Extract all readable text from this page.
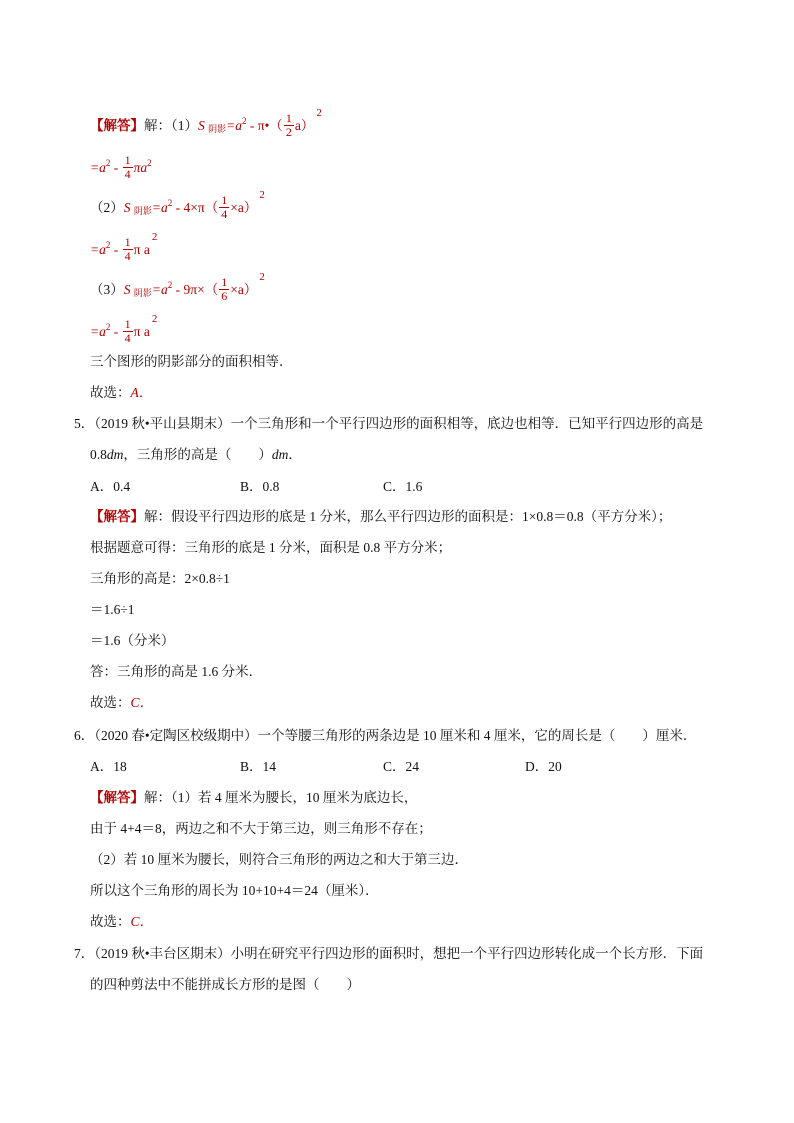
【解答】解：（1）S $_{阴影}=a^2$ - π•（ $\frac{1}{2} a)^2$
$=a^2 - \frac{1}{4} \pi a^2$
（2）S $_{阴影}=a^2 - 4\times\pi( \frac{1}{4} \times a)^2$
$=a^2 - \frac{1}{4}$ π $a^2$
（3）S $_{阴影}=a^2 - 9\pi\times( \frac{1}{6} \times a)^2$
$=a^2 - \frac{1}{4}$ π $a^2$
三个图形的阴影部分的面积相等．
故选：A．
5．（2019 秋•平山县期末）一个三角形和一个平行四边形的面积相等，底边也相等．已知平行四边形的高是
0.8dm，三角形的高是（　　）dm．
A．0.4	B．0.8	C．1.6
【解答】解：假设平行四边形的底是 1 分米，那么平行四边形的面积是：1×0.8＝0.8（平方分米）；
根据题意可得：三角形的底是 1 分米，面积是 0.8 平方分米；
三角形的高是：2×0.8÷1
＝1.6÷1
＝1.6（分米）
答：三角形的高是 1.6 分米．
故选：C．
6．（2020 春•定陶区校级期中）一个等腰三角形的两条边是 10 厘米和 4 厘米，它的周长是（　　）厘米．
A．18	B．14	C．24	D．20
【解答】解：（1）若 4 厘米为腰长，10 厘米为底边长，
由于 4+4＝8，两边之和不大于第三边，则三角形不存在；
（2）若 10 厘米为腰长，则符合三角形的两边之和大于第三边．
所以这个三角形的周长为 10+10+4＝24（厘米）．
故选：C．
7．（2019 秋•丰台区期末）小明在研究平行四边形的面积时，想把一个平行四边形转化成一个长方形．下面
的四种剪法中不能拼成长方形的是图（　　）
